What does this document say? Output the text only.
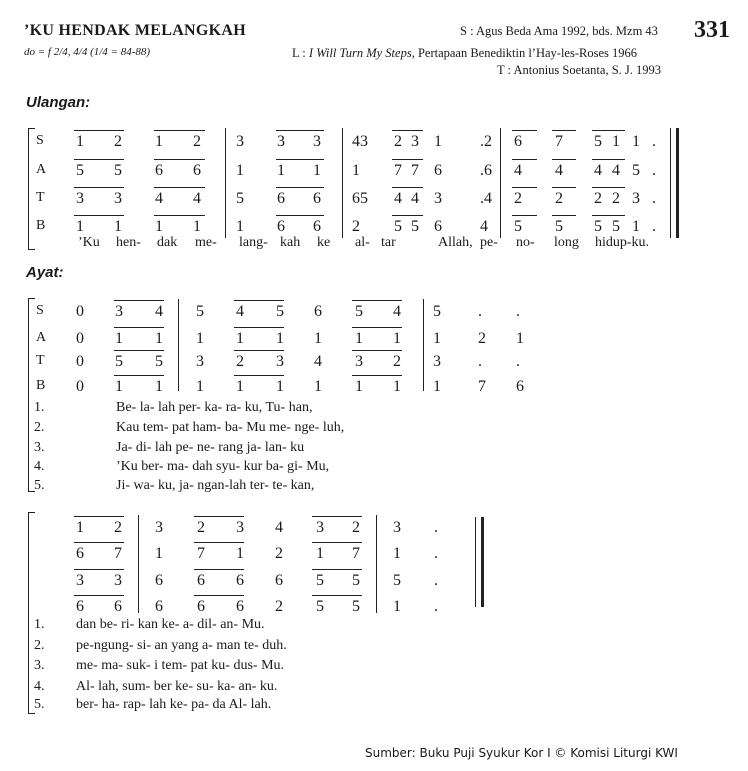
’KU HENDAK MELANGKAH
do = f 2/4, 4/4 (1/4 = 84-88)
S : Agus Beda Ama 1992, bds. Mzm 43 331
L : I Will Turn My Steps, Pertapaan Benediktin l’Hay-les-Roses 1966
T : Antonius Soetanta, S. J. 1993
Ulangan:
Ayat:
S 1 2 1 2 3 3 3 43 2 3 1 .2 6 7 5 1 1 .
A 5 5 6 6 1 1 1 1 7 7 6 .6 4 4 4 4 5 .
T 3 3 4 4 5 6 6 65 4 4 3 .4 2 2 2 2 3 .
B 1 1 1 1 1 6 6 2 5 5 6 4 5 5 5 5 1 .
S 0 3 4 5 4 5 6 5 4 5 . .
A 0 1 1 1 1 1 1 1 1 1 2 1
T 0 5 5 3 2 3 4 3 2 3 . .
B 0 1 1 1 1 1 1 1 1 1 7 6
1.	Be- la- lah per- ka- ra- ku, Tu- han,
2.	Kau tem- pat ham- ba- Mu me- nge- luh,
3.	Ja- di- lah pe- ne- rang ja- lan- ku
4.	’Ku ber- ma- dah syu- kur ba- gi- Mu,
5.	Ji- wa- ku, ja- ngan-lah ter- te- kan,
1 2 3 2 3 4 3 2 3 .
6 7 1 7 1 2 1 7 1 .
3 3 6 6 6 6 5 5 5 .
6 6 6 6 6 2 5 5 1 .
1. dan be- ri- kan ke- a- dil- an- Mu.
2. pe-ngung- si- an yang a- man te- duh.
3. me- ma- suk- i tem- pat ku- dus- Mu.
4. Al- lah, sum- ber ke- su- ka- an- ku.
5. ber- ha- rap- lah ke- pa- da Al- lah.
’Ku hen- dak me- lang- kah ke al- tar	Allah, pe- no- long hidup-ku.
Sumber: Buku Puji Syukur Kor I © Komisi Liturgi KWI
